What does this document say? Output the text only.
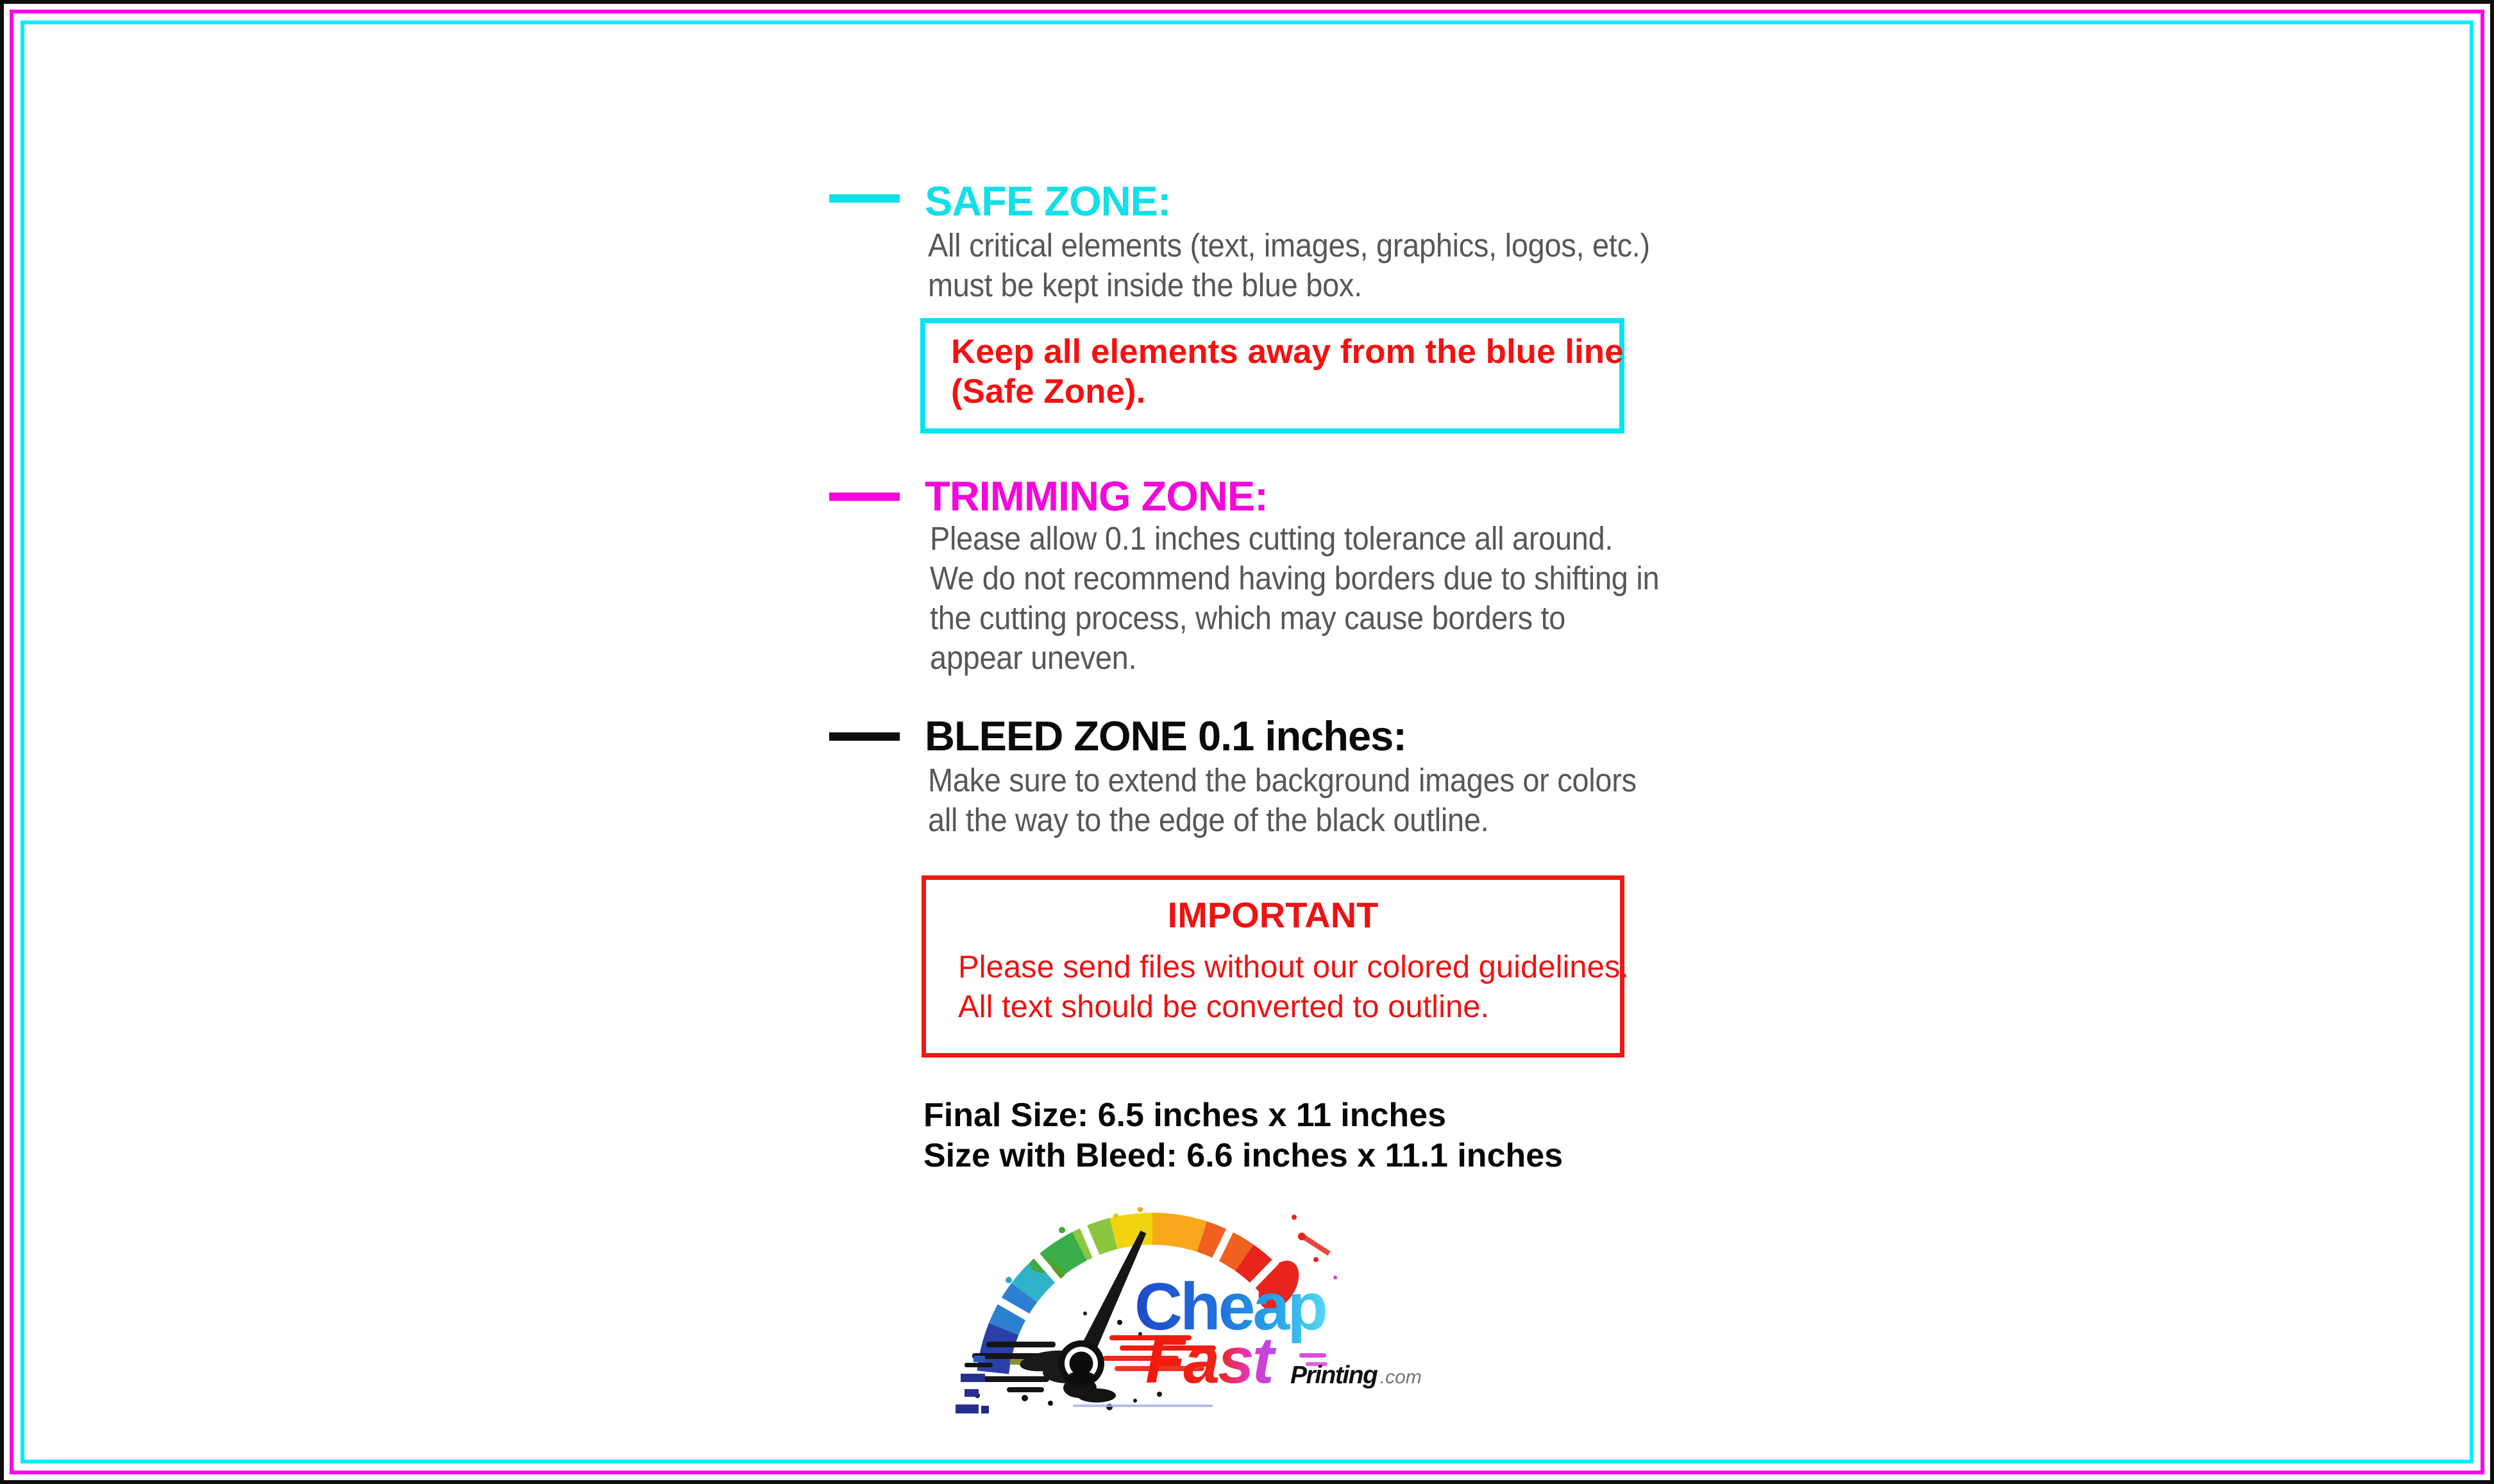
SAFE ZONE:
All critical elements (text, images, graphics, logos, etc.)
must be kept inside the blue box.
Keep all elements away from the blue line
(Safe Zone).
TRIMMING ZONE:
Please allow 0.1 inches cutting tolerance all around.
We do not recommend having borders due to shifting in
the cutting process, which may cause borders to
appear uneven.
BLEED ZONE 0.1 inches:
Make sure to extend the background images or colors
all the way to the edge of the black outline.
IMPORTANT
Please send files without our colored guidelines.
All text should be converted to outline.
Final Size: 6.5 inches x 11 inches
Size with Bleed: 6.6 inches x 11.1 inches
Cheap
Fast Printing .com
